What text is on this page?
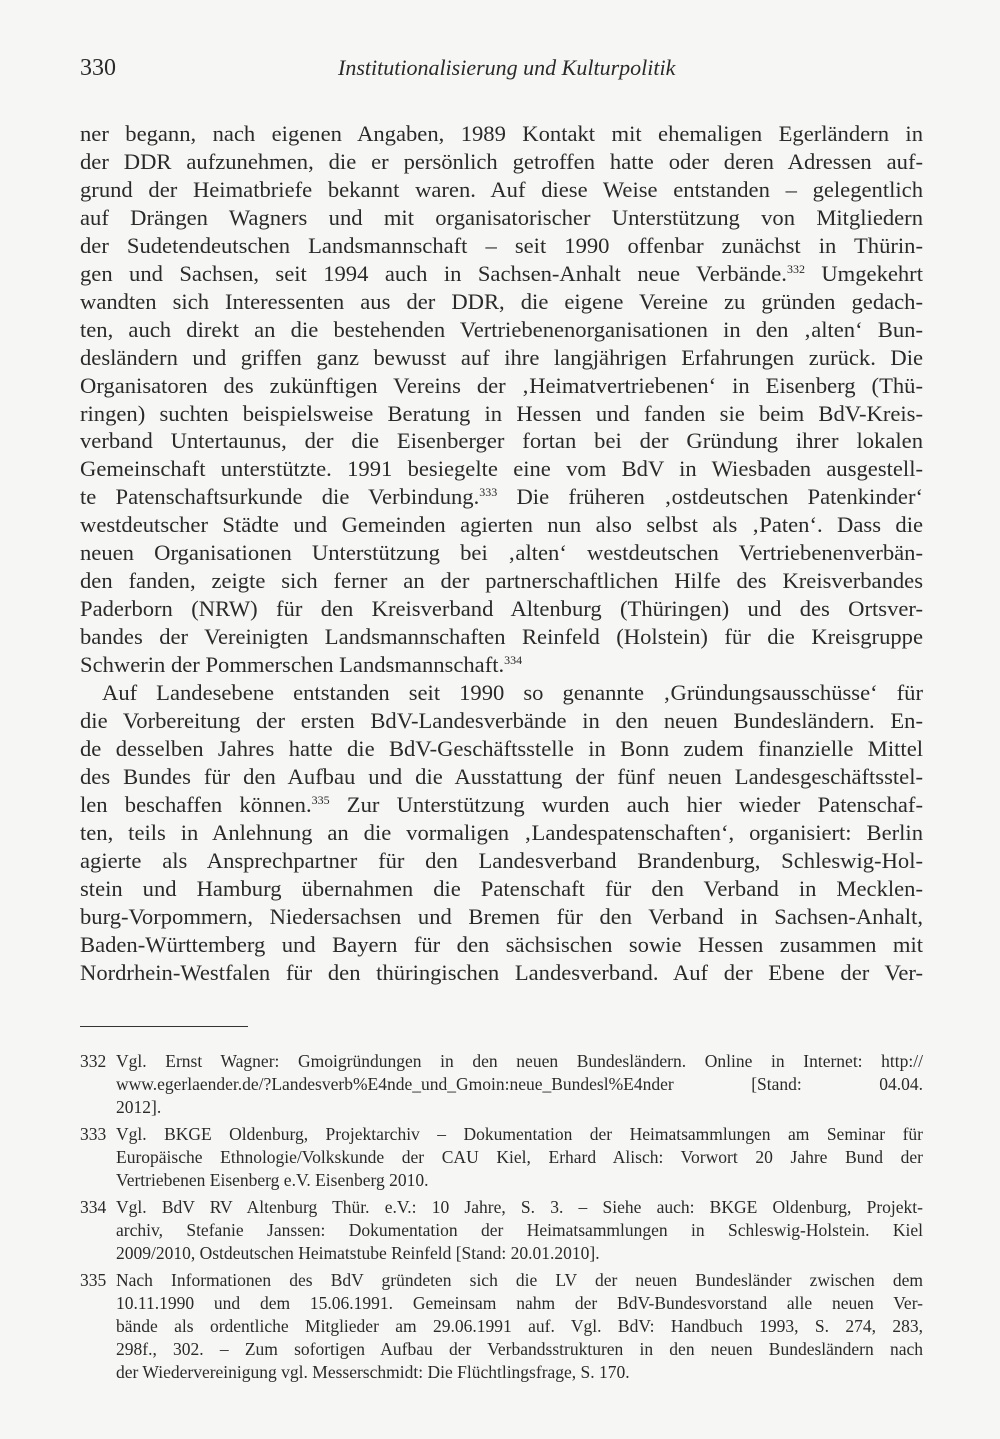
330	Institutionalisierung und Kulturpolitik
ner begann, nach eigenen Angaben, 1989 Kontakt mit ehemaligen Egerländern in
der DDR aufzunehmen, die er persönlich getroffen hatte oder deren Adressen auf-
grund der Heimatbriefe bekannt waren. Auf diese Weise entstanden – gelegentlich
auf Drängen Wagners und mit organisatorischer Unterstützung von Mitgliedern
der Sudetendeutschen Landsmannschaft – seit 1990 offenbar zunächst in Thürin-
gen und Sachsen, seit 1994 auch in Sachsen-Anhalt neue Verbände.$^{332}$ Umgekehrt
wandten sich Interessenten aus der DDR, die eigene Vereine zu gründen gedach-
ten, auch direkt an die bestehenden Vertriebenenorganisationen in den ‚alten‘ Bun-
desländern und griffen ganz bewusst auf ihre langjährigen Erfahrungen zurück. Die
Organisatoren des zukünftigen Vereins der ‚Heimatvertriebenen‘ in Eisenberg (Thü-
ringen) suchten beispielsweise Beratung in Hessen und fanden sie beim BdV-Kreis-
verband Untertaunus, der die Eisenberger fortan bei der Gründung ihrer lokalen
Gemeinschaft unterstützte. 1991 besiegelte eine vom BdV in Wiesbaden ausgestell-
te Patenschaftsurkunde die Verbindung.$^{333}$ Die früheren ‚ostdeutschen Patenkinder‘
westdeutscher Städte und Gemeinden agierten nun also selbst als ‚Paten‘. Dass die
neuen Organisationen Unterstützung bei ‚alten‘ westdeutschen Vertriebenenverbän-
den fanden, zeigte sich ferner an der partnerschaftlichen Hilfe des Kreisverbandes
Paderborn (NRW) für den Kreisverband Altenburg (Thüringen) und des Ortsver-
bandes der Vereinigten Landsmannschaften Reinfeld (Holstein) für die Kreisgruppe
Schwerin der Pommerschen Landsmannschaft.$^{334}$
Auf Landesebene entstanden seit 1990 so genannte ‚Gründungsausschüsse‘ für
die Vorbereitung der ersten BdV-Landesverbände in den neuen Bundesländern. En-
de desselben Jahres hatte die BdV-Geschäftsstelle in Bonn zudem finanzielle Mittel
des Bundes für den Aufbau und die Ausstattung der fünf neuen Landesgeschäftsstel-
len beschaffen können.$^{335}$ Zur Unterstützung wurden auch hier wieder Patenschaf-
ten, teils in Anlehnung an die vormaligen ‚Landespatenschaften‘, organisiert: Berlin
agierte als Ansprechpartner für den Landesverband Brandenburg, Schleswig-Hol-
stein und Hamburg übernahmen die Patenschaft für den Verband in Mecklen-
burg-Vorpommern, Niedersachsen und Bremen für den Verband in Sachsen-Anhalt,
Baden-Württemberg und Bayern für den sächsischen sowie Hessen zusammen mit
Nordrhein-Westfalen für den thüringischen Landesverband. Auf der Ebene der Ver-
332 Vgl. Ernst Wagner: Gmoigründungen in den neuen Bundesländern. Online in Internet: http://
www.egerlaender.de/?Landesverb%E4nde_und_Gmoin:neue_Bundesl%E4nder [Stand: 04.04.
2012].
333 Vgl. BKGE Oldenburg, Projektarchiv – Dokumentation der Heimatsammlungen am Seminar für
Europäische Ethnologie/Volkskunde der CAU Kiel, Erhard Alisch: Vorwort 20 Jahre Bund der
Vertriebenen Eisenberg e.V. Eisenberg 2010.
334 Vgl. BdV RV Altenburg Thür. e.V.: 10 Jahre, S. 3. – Siehe auch: BKGE Oldenburg, Projekt-
archiv, Stefanie Janssen: Dokumentation der Heimatsammlungen in Schleswig-Holstein. Kiel
2009/2010, Ostdeutschen Heimatstube Reinfeld [Stand: 20.01.2010].
335 Nach Informationen des BdV gründeten sich die LV der neuen Bundesländer zwischen dem
10.11.1990 und dem 15.06.1991. Gemeinsam nahm der BdV-Bundesvorstand alle neuen Ver-
bände als ordentliche Mitglieder am 29.06.1991 auf. Vgl. BdV: Handbuch 1993, S. 274, 283,
298f., 302. – Zum sofortigen Aufbau der Verbandsstrukturen in den neuen Bundesländern nach
der Wiedervereinigung vgl. Messerschmidt: Die Flüchtlingsfrage, S. 170.
